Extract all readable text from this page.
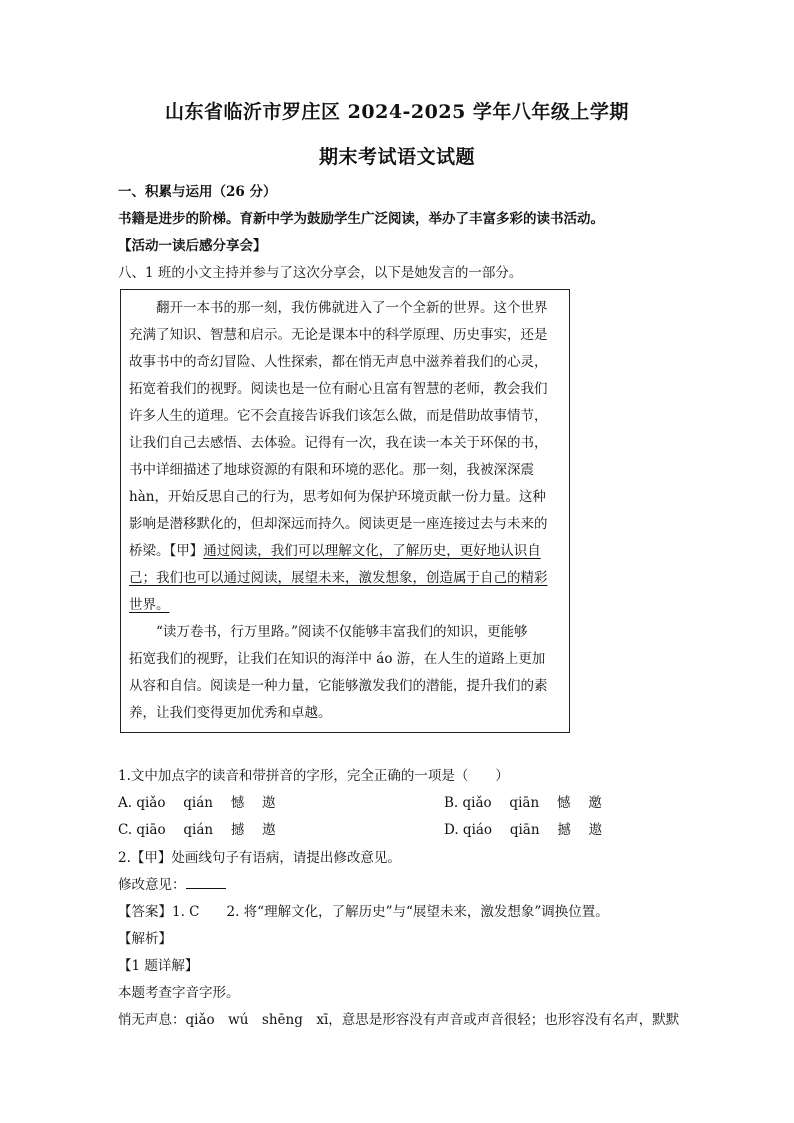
山东省临沂市罗庄区 2024-2025 学年八年级上学期
期末考试语文试题
一、积累与运用（26 分）
书籍是进步的阶梯。育新中学为鼓励学生广泛阅读，举办了丰富多彩的读书活动。
【活动一读后感分享会】
八、1 班的小文主持并参与了这次分享会，以下是她发言的一部分。
　　翻开一本书的那一刻，我仿佛就进入了一个全新的世界。这个世界
充满了知识、智慧和启示。无论是课本中的科学原理、历史事实，还是
故事书中的奇幻冒险、人性探索，都在悄无声息中滋养着我们的心灵，
拓宽着我们的视野。阅读也是一位有耐心且富有智慧的老师，教会我们
许多人生的道理。它不会直接告诉我们该怎么做，而是借助故事情节，
让我们自己去感悟、去体验。记得有一次，我在读一本关于环保的书，
书中详细描述了地球资源的有限和环境的恶化。那一刻，我被深深震
hàn，开始反思自己的行为，思考如何为保护环境贡献一份力量。这种
影响是潜移默化的，但却深远而持久。阅读更是一座连接过去与未来的
桥梁。【甲】通过阅读，我们可以理解文化，了解历史，更好地认识自
己；我们也可以通过阅读，展望未来，激发想象，创造属于自己的精彩
世界。
　　“读万卷书，行万里路。”阅读不仅能够丰富我们的知识，更能够
拓宽我们的视野，让我们在知识的海洋中 áo 游，在人生的道路上更加
从容和自信。阅读是一种力量，它能够激发我们的潜能，提升我们的素
养，让我们变得更加优秀和卓越。
1.文中加点字的读音和带拼音的字形，完全正确的一项是（　　）
A. qiǎo　 qián　 憾　 遨	B. qiǎo　 qiān　 憾　 邀
C. qiāo　 qián　 撼　 遨	D. qiáo　 qiān　 撼　 遨
2.【甲】处画线句子有语病，请提出修改意见。
修改意见：
【答案】1. C　　2. 将“理解文化，了解历史”与“展望未来，激发想象”调换位置。
【解析】
【1 题详解】
本题考查字音字形。
悄无声息：qiǎo　wú　shēng　xī，意思是形容没有声音或声音很轻；也形容没有名声，默默
